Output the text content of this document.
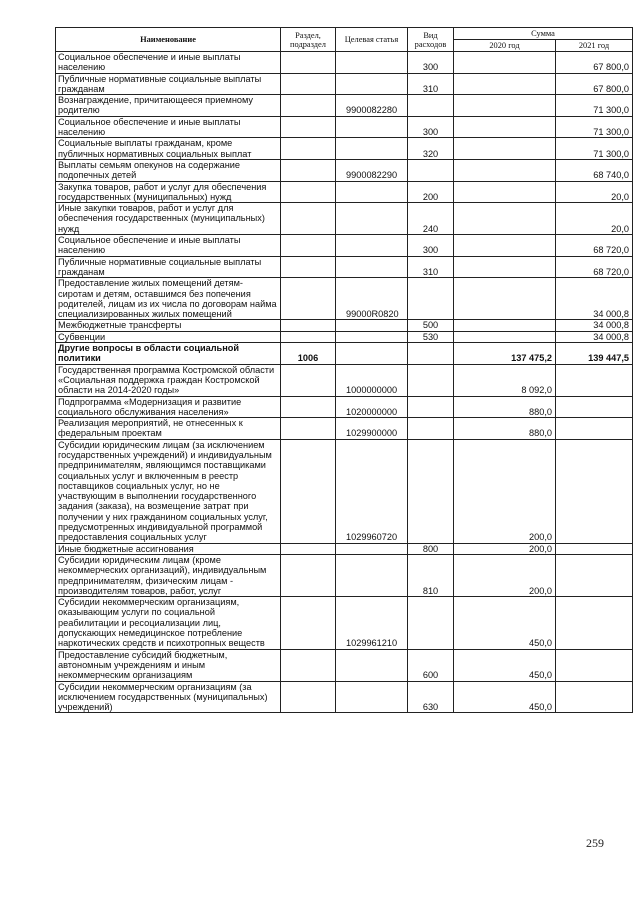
Наименование	Раздел, подраздел	Целевая статья	Вид расходов	Сумма	
				2020 год	2021 год
Социальное обеспечение и иные выплаты населению			300		67 800,0
Публичные нормативные социальные выплаты гражданам			310		67 800,0
Вознаграждение, причитающееся приемному родителю		9900082280			71 300,0
Социальное обеспечение и иные выплаты населению			300		71 300,0
Социальные выплаты гражданам, кроме публичных нормативных социальных выплат			320		71 300,0
Выплаты семьям опекунов на содержание подопечных детей		9900082290			68 740,0
Закупка товаров, работ и услуг для обеспечения государственных (муниципальных) нужд			200		20,0
Иные закупки товаров, работ и услуг для обеспечения государственных (муниципальных) нужд			240		20,0
Социальное обеспечение и иные выплаты населению			300		68 720,0
Публичные нормативные социальные выплаты гражданам			310		68 720,0
Предоставление жилых помещений детям-сиротам и детям, оставшимся без попечения родителей, лицам из их числа по договорам найма специализированных жилых помещений		99000R0820			34 000,8
Межбюджетные трансферты			500		34 000,8
Субвенции			530		34 000,8
Другие вопросы в области социальной политики	1006			137 475,2	139 447,5
Государственная программа Костромской области «Социальная поддержка граждан Костромской области на 2014-2020 годы»		1000000000		8 092,0	
Подпрограмма «Модернизация и развитие социального обслуживания населения»		1020000000		880,0	
Реализация мероприятий, не отнесенных к федеральным проектам		1029900000		880,0	
Субсидии юридическим лицам (за исключением государственных учреждений) и индивидуальным предпринимателям, являющимся поставщиками социальных услуг и включенным в реестр поставщиков социальных услуг, но не участвующим в выполнении государственного задания (заказа), на возмещение затрат при получении у них гражданином социальных услуг, предусмотренных индивидуальной программой предоставления социальных услуг		1029960720		200,0	
Иные бюджетные ассигнования			800	200,0	
Субсидии юридическим лицам (кроме некоммерческих организаций), индивидуальным предпринимателям, физическим лицам - производителям товаров, работ, услуг			810	200,0	
Субсидии некоммерческим организациям, оказывающим услуги по социальной реабилитации и ресоциализации лиц, допускающих немедицинское потребление наркотических средств и психотропных веществ		1029961210		450,0	
Предоставление субсидий бюджетным, автономным учреждениям и иным некоммерческим организациям			600	450,0	
Субсидии некоммерческим организациям (за исключением государственных (муниципальных) учреждений)			630	450,0	
259
